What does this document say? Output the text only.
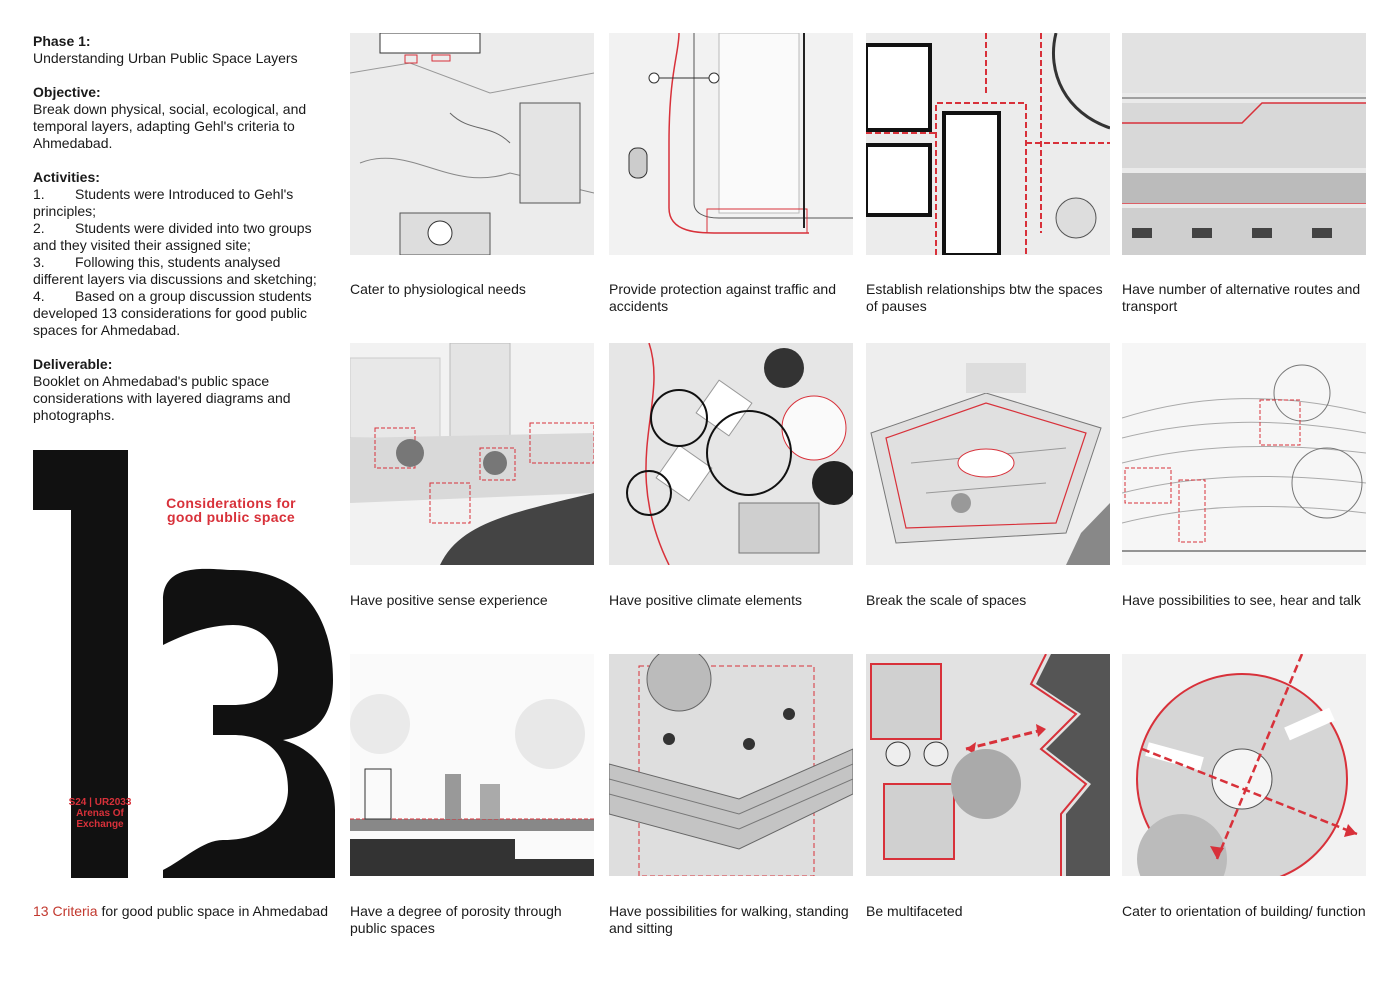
Phase 1:
Understanding Urban Public Space Layers

Objective:
Break down physical, social, ecological, and temporal layers, adapting Gehl's criteria to Ahmedabad.

Activities:
1.	Students were Introduced to Gehl's
principles;
2.	Students were divided into two groups
and they visited their assigned site;
3.	Following this, students analysed
different layers via discussions and sketching;
4.	Based on a group discussion students
developed 13 considerations for good public spaces for Ahmedabad.

Deliverable:
Booklet on Ahmedabad's public space considerations with layered diagrams and photographs.

Considerations for good public space
S24 | UR2033
Arenas Of Exchange
13 Criteria for good public space in Ahmedabad
Cater to physiological needs	Provide protection against traffic and accidents
Establish relationships btw the spaces of pauses
Have number of alternative routes and transport
Have positive sense experience	Have positive climate elements	Break the scale of spaces	Have possibilities to see, hear and talk
Have a degree of porosity through public spaces
Have possibilities for walking, standing and sitting
Be multifaceted	Cater to orientation of building/ function
